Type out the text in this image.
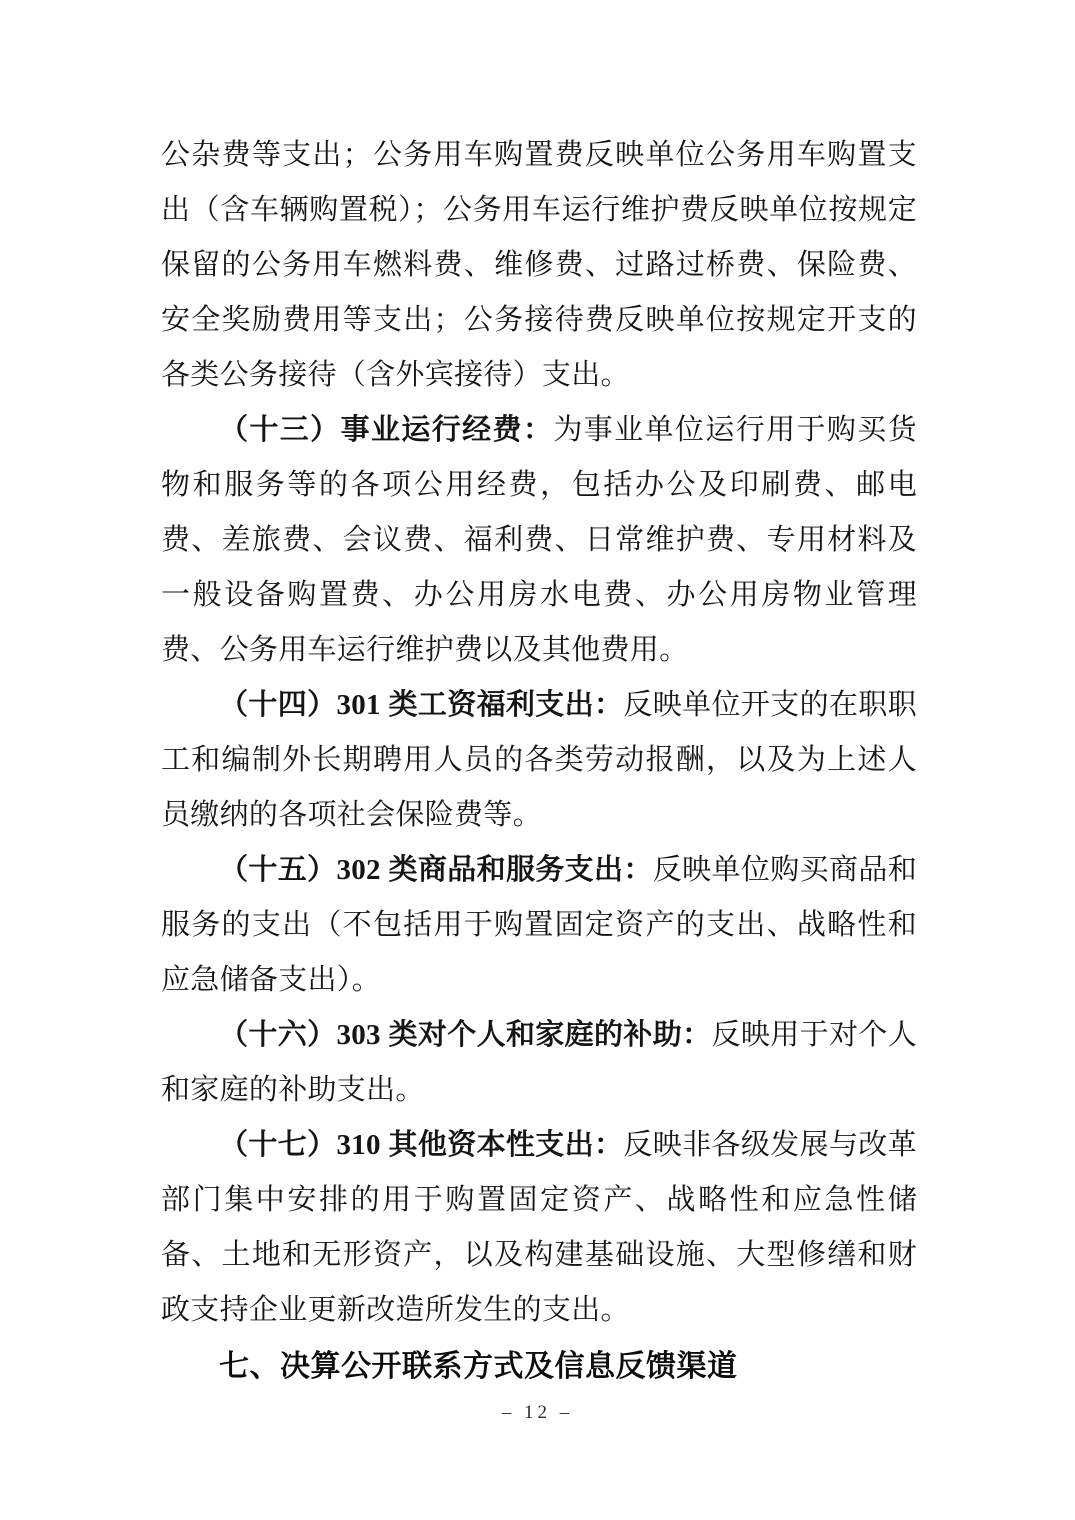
公杂费等支出；公务用车购置费反映单位公务用车购置支出（含车辆购置税）；公务用车运行维护费反映单位按规定保留的公务用车燃料费、维修费、过路过桥费、保险费、安全奖励费用等支出；公务接待费反映单位按规定开支的各类公务接待（含外宾接待）支出。

（十三）事业运行经费：为事业单位运行用于购买货物和服务等的各项公用经费，包括办公及印刷费、邮电费、差旅费、会议费、福利费、日常维护费、专用材料及一般设备购置费、办公用房水电费、办公用房物业管理费、公务用车运行维护费以及其他费用。

（十四）301 类工资福利支出：反映单位开支的在职职工和编制外长期聘用人员的各类劳动报酬，以及为上述人员缴纳的各项社会保险费等。

（十五）302 类商品和服务支出：反映单位购买商品和服务的支出（不包括用于购置固定资产的支出、战略性和应急储备支出）。

（十六）303 类对个人和家庭的补助：反映用于对个人和家庭的补助支出。

（十七）310 其他资本性支出：反映非各级发展与改革部门集中安排的用于购置固定资产、战略性和应急性储备、土地和无形资产，以及构建基础设施、大型修缮和财政支持企业更新改造所发生的支出。

七、决算公开联系方式及信息反馈渠道
– 12 –
